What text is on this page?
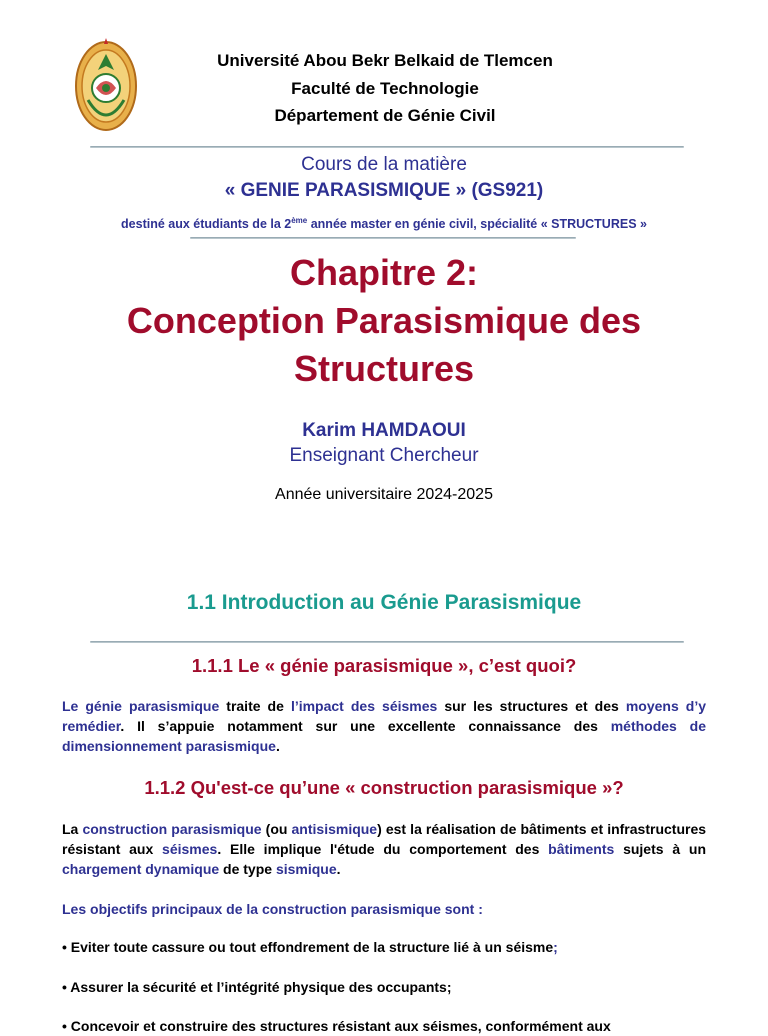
Université Abou Bekr Belkaid de Tlemcen
Faculté de Technologie
Département de Génie Civil
Cours de la matière
« GENIE PARASISMIQUE » (GS921)
destiné aux étudiants de la 2ème année master en génie civil, spécialité « STRUCTURES »
Chapitre 2:
Conception Parasismique des
Structures
Karim HAMDAOUI
Enseignant Chercheur
Année universitaire 2024-2025
1.1 Introduction au Génie Parasismique
1.1.1 Le « génie parasismique », c’est quoi?
Le génie parasismique traite de l’impact des séismes sur les structures et des moyens d’y remédier. Il s’appuie notamment sur une excellente connaissance des méthodes de dimensionnement parasismique.
1.1.2 Qu'est-ce qu’une « construction parasismique »?
La construction parasismique (ou antisismique) est la réalisation de bâtiments et infrastructures résistant aux séismes. Elle implique l'étude du comportement des bâtiments sujets à un chargement dynamique de type sismique.
Les objectifs principaux de la construction parasismique sont :
• Eviter toute cassure ou tout effondrement de la structure lié à un séisme;
• Assurer la sécurité et l’intégrité physique des occupants;
• Concevoir et construire des structures résistant aux séismes, conformément aux
